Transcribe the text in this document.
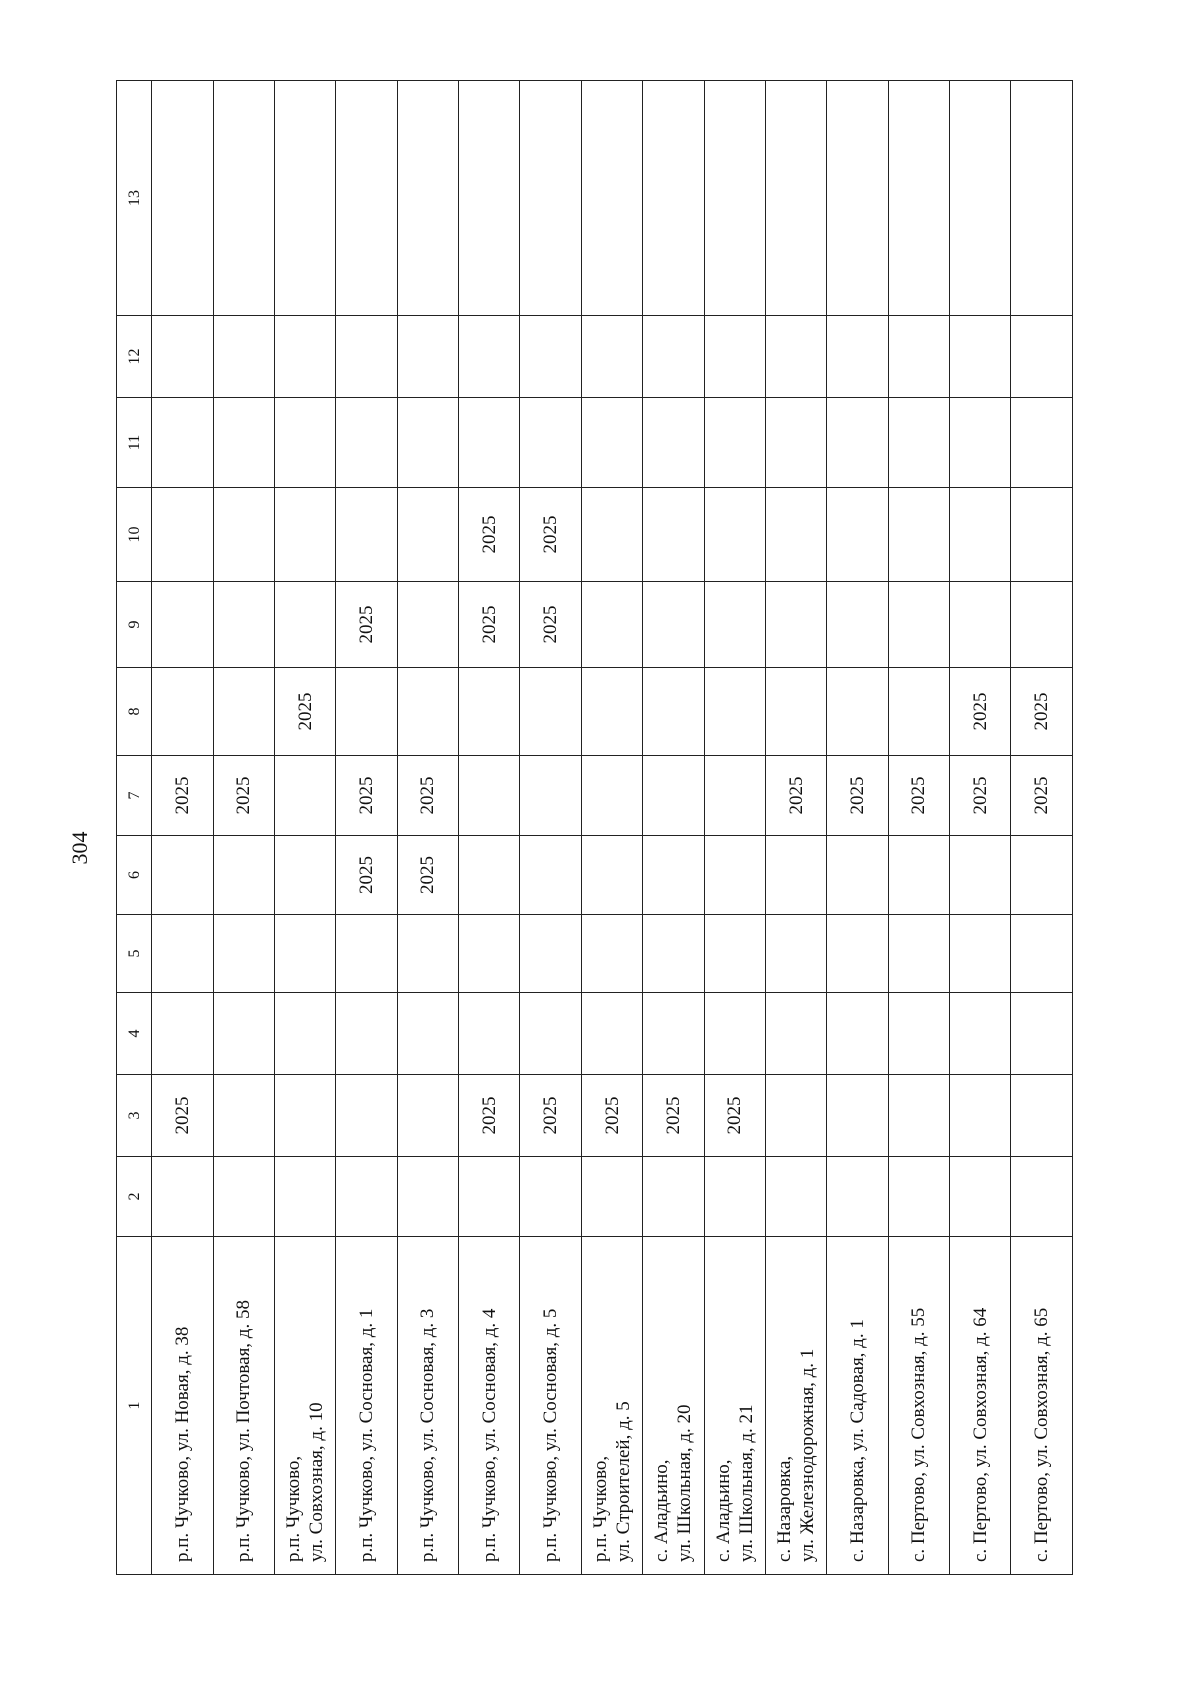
304
1	2	3	4	5	6	7	8	9	10	11	12	13
р.п. Чучково, ул. Новая, д. 38		2025				2025						
р.п. Чучково, ул. Почтовая, д. 58						2025						
р.п. Чучково, ул. Совхозная, д. 10							2025					
р.п. Чучково, ул. Сосновая, д. 1					2025	2025		2025				
р.п. Чучково, ул. Сосновая, д. 3					2025	2025						
р.п. Чучково, ул. Сосновая, д. 4		2025						2025	2025			
р.п. Чучково, ул. Сосновая, д. 5		2025						2025	2025			
р.п. Чучково, ул. Строителей, д. 5		2025										
с. Аладьино, ул. Школьная, д. 20		2025										
с. Аладьино, ул. Школьная, д. 21		2025										
с. Назаровка, ул. Железнодорожная, д. 1						2025						
с. Назаровка, ул. Садовая, д. 1						2025						
с. Пертово, ул. Совхозная, д. 55						2025						
с. Пертово, ул. Совхозная, д. 64						2025	2025					
с. Пертово, ул. Совхозная, д. 65						2025	2025					
